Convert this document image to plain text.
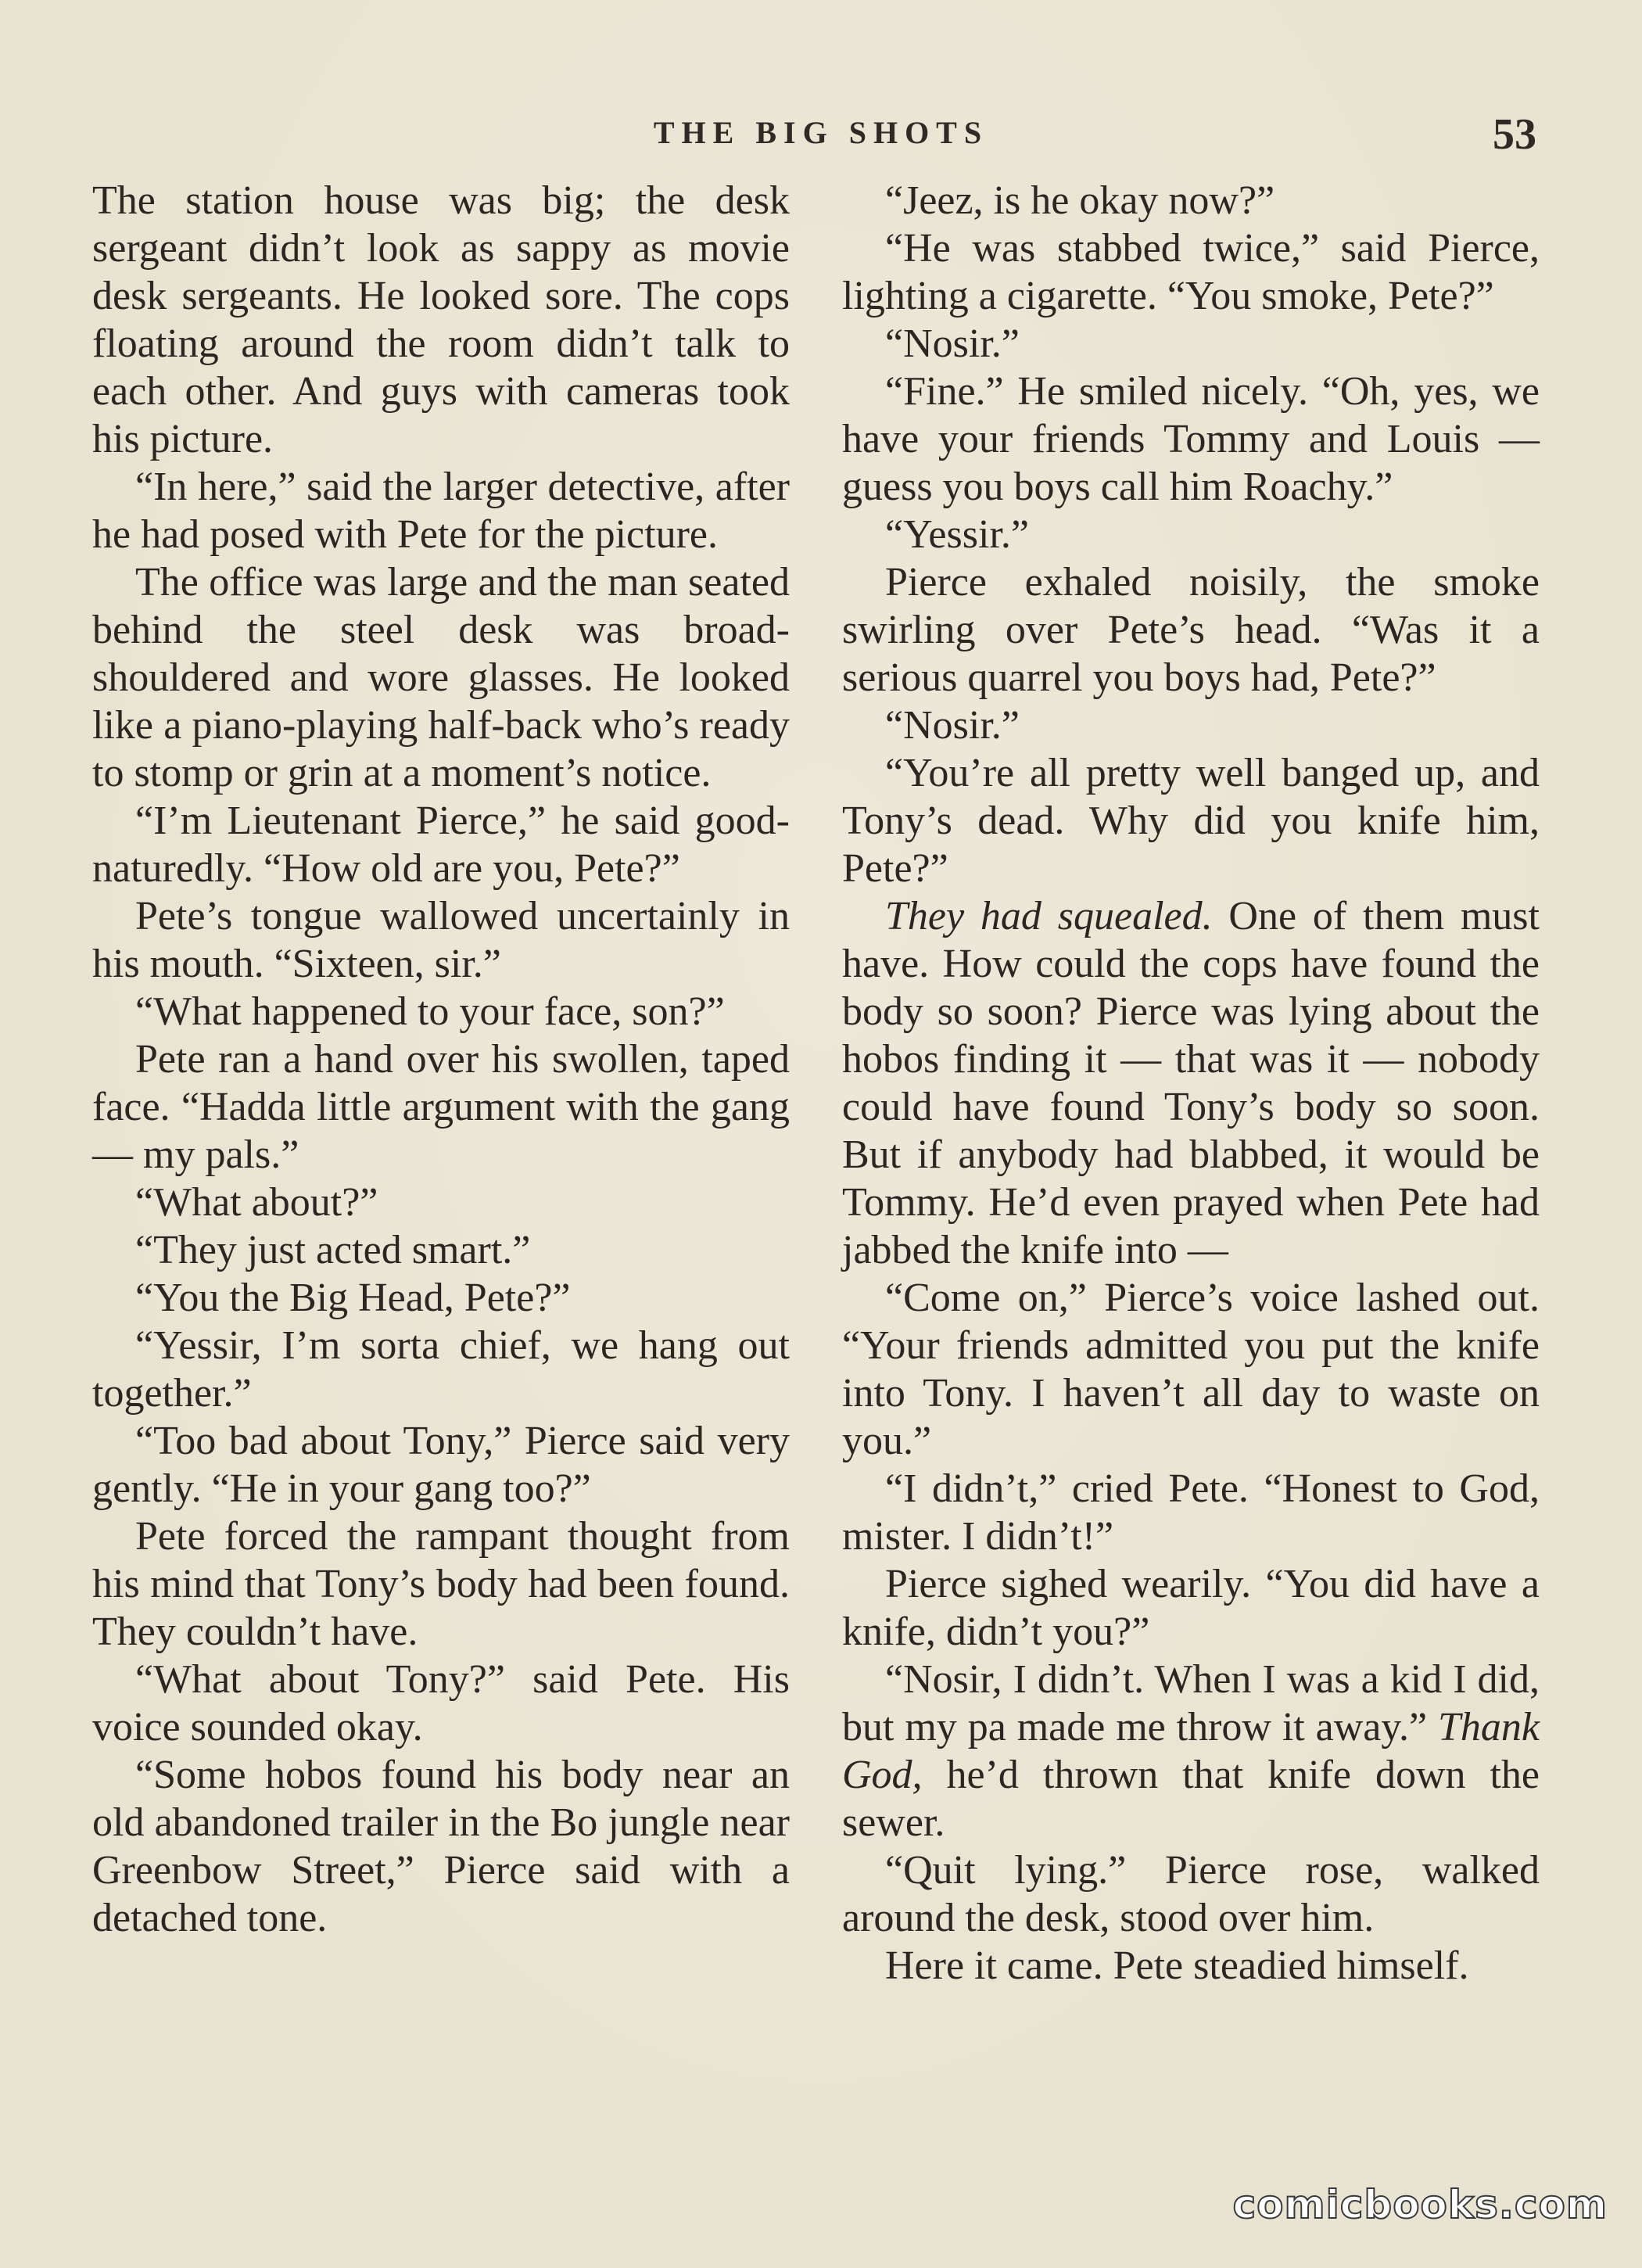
THE BIG SHOTS	53

The station house was big; the desk sergeant didn’t look as sappy as movie desk sergeants. He looked sore. The cops floating around the room didn’t talk to each other. And guys with cameras took his picture.

“In here,” said the larger detective, after he had posed with Pete for the picture.

The office was large and the man seated behind the steel desk was broad-shouldered and wore glasses. He looked like a piano-playing half-back who’s ready to stomp or grin at a moment’s notice.

“I’m Lieutenant Pierce,” he said good-naturedly. “How old are you, Pete?”

Pete’s tongue wallowed uncertainly in his mouth. “Sixteen, sir.”

“What happened to your face, son?”

Pete ran a hand over his swollen, taped face. “Hadda little argument with the gang — my pals.”

“What about?”

“They just acted smart.”

“You the Big Head, Pete?”

“Yessir, I’m sorta chief, we hang out together.”

“Too bad about Tony,” Pierce said very gently. “He in your gang too?”

Pete forced the rampant thought from his mind that Tony’s body had been found. They couldn’t have.

“What about Tony?” said Pete. His voice sounded okay.

“Some hobos found his body near an old abandoned trailer in the Bo jungle near Greenbow Street,” Pierce said with a detached tone.

“Jeez, is he okay now?”

“He was stabbed twice,” said Pierce, lighting a cigarette. “You smoke, Pete?”

“Nosir.”

“Fine.” He smiled nicely. “Oh, yes, we have your friends Tommy and Louis — guess you boys call him Roachy.”

“Yessir.”

Pierce exhaled noisily, the smoke swirling over Pete’s head. “Was it a serious quarrel you boys had, Pete?”

“Nosir.”

“You’re all pretty well banged up, and Tony’s dead. Why did you knife him, Pete?”

They had squealed. One of them must have. How could the cops have found the body so soon? Pierce was lying about the hobos finding it — that was it — nobody could have found Tony’s body so soon. But if anybody had blabbed, it would be Tommy. He’d even prayed when Pete had jabbed the knife into —

“Come on,” Pierce’s voice lashed out. “Your friends admitted you put the knife into Tony. I haven’t all day to waste on you.”

“I didn’t,” cried Pete. “Honest to God, mister. I didn’t!”

Pierce sighed wearily. “You did have a knife, didn’t you?”

“Nosir, I didn’t. When I was a kid I did, but my pa made me throw it away.” Thank God, he’d thrown that knife down the sewer.

“Quit lying.” Pierce rose, walked around the desk, stood over him.

Here it came. Pete steadied himself.

comicbooks.com
